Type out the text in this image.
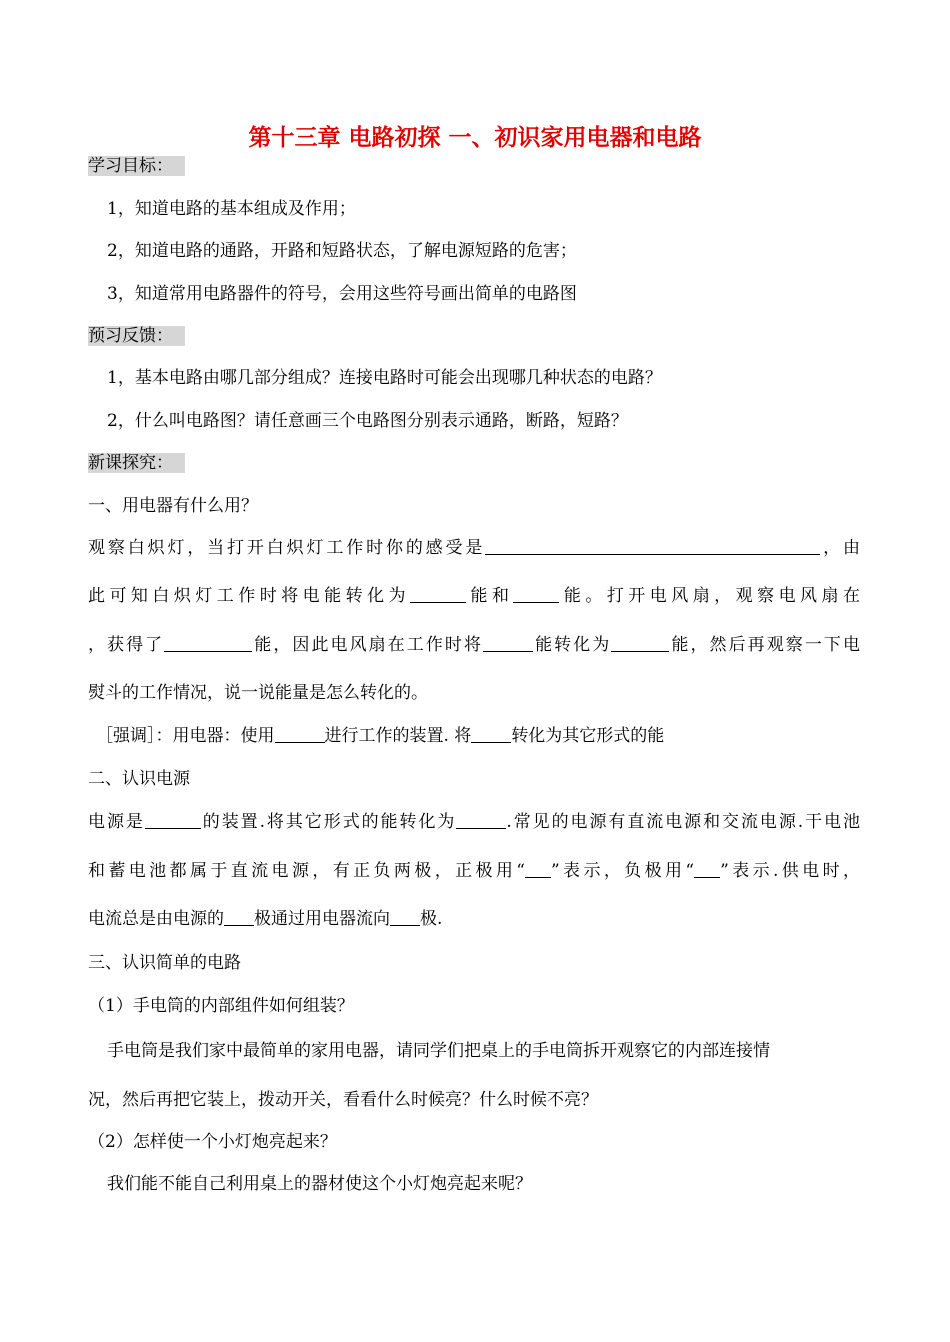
第十三章 电路初探 一、初识家用电器和电路
学习目标：
1，知道电路的基本组成及作用；
2，知道电路的通路，开路和短路状态，了解电源短路的危害；
3，知道常用电路器件的符号，会用这些符号画出简单的电路图
预习反馈：
1，基本电路由哪几部分组成？连接电路时可能会出现哪几种状态的电路？
2，什么叫电路图？请任意画三个电路图分别表示通路，断路，短路？
新课探究：
一、用电器有什么用？
观察白炽灯，当打开白炽灯工作时你的感受是	，由
此可知白炽灯工作时将电能转化为	能和	能。打开电风扇，观察电风扇在
，获得了	能，因此电风扇在工作时将	能转化为	能，然后再观察一下电
熨斗的工作情况，说一说能量是怎么转化的。
［强调］：用电器：使用	进行工作的装置. 将 转化为其它形式的能
二、认识电源
电源是	的装置.将其它形式的能转化为	.常见的电源有直流电源和交流电源.干电池
和蓄电池都属于直流电源，有正负两极，正极用“ ”表示，负极用“ ”表示.供电时，
电流总是由电源的 极通过用电器流向 极.
三、认识简单的电路
（1）手电筒的内部组件如何组装？
手电筒是我们家中最简单的家用电器，请同学们把桌上的手电筒拆开观察它的内部连接情
况，然后再把它装上，拨动开关，看看什么时候亮？什么时候不亮？
（2）怎样使一个小灯炮亮起来？
我们能不能自己利用桌上的器材使这个小灯炮亮起来呢？
